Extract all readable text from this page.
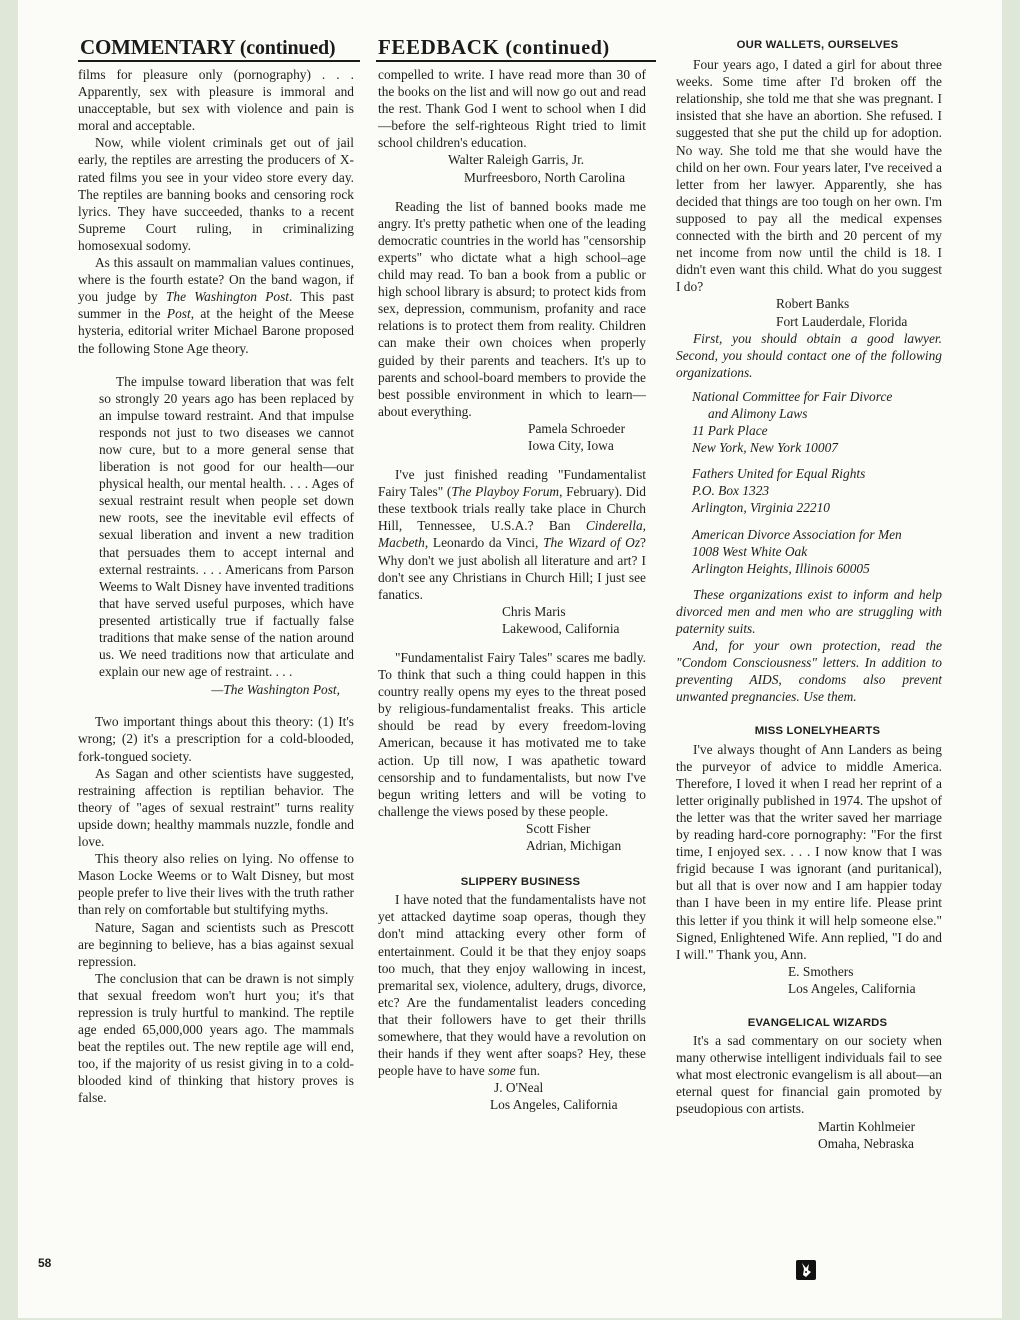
COMMENTARY (continued) FEEDBACK (continued)

films for pleasure only (pornography) . . . Apparently, sex with pleasure is immoral and unacceptable, but sex with violence and pain is moral and acceptable.

Now, while violent criminals get out of jail early, the reptiles are arresting the producers of X-rated films you see in your video store every day. The reptiles are banning books and censoring rock lyrics. They have succeeded, thanks to a recent Supreme Court ruling, in criminalizing homosexual sodomy.

As this assault on mammalian values continues, where is the fourth estate? On the band wagon, if you judge by The Washington Post. This past summer in the Post, at the height of the Meese hysteria, editorial writer Michael Barone proposed the following Stone Age theory.

The impulse toward liberation that was felt so strongly 20 years ago has been replaced by an impulse toward restraint. And that impulse responds not just to two diseases we cannot now cure, but to a more general sense that liberation is not good for our health—our physical health, our mental health. . . . Ages of sexual restraint result when people set down new roots, see the inevitable evil effects of sexual liberation and invent a new tradition that persuades them to accept internal and external restraints. . . . Americans from Parson Weems to Walt Disney have invented traditions that have served useful purposes, which have presented artistically true if factually false traditions that make sense of the nation around us. We need traditions now that articulate and explain our new age of restraint. . . .

—The Washington Post,

Two important things about this theory: (1) It's wrong; (2) it's a prescription for a cold-blooded, fork-tongued society.

As Sagan and other scientists have suggested, restraining affection is reptilian behavior. The theory of "ages of sexual restraint" turns reality upside down; healthy mammals nuzzle, fondle and love.

This theory also relies on lying. No offense to Mason Locke Weems or to Walt Disney, but most people prefer to live their lives with the truth rather than rely on comfortable but stultifying myths.

Nature, Sagan and scientists such as Prescott are beginning to believe, has a bias against sexual repression.

The conclusion that can be drawn is not simply that sexual freedom won't hurt you; it's that repression is truly hurtful to mankind. The reptile age ended 65,000,000 years ago. The mammals beat the reptiles out. The new reptile age will end, too, if the majority of us resist giving in to a cold-blooded kind of thinking that history proves is false.

compelled to write. I have read more than 30 of the books on the list and will now go out and read the rest. Thank God I went to school when I did—before the self-righteous Right tried to limit school children's education.

Walter Raleigh Garris, Jr.

Murfreesboro, North Carolina

Reading the list of banned books made me angry. It's pretty pathetic when one of the leading democratic countries in the world has "censorship experts" who dictate what a high school–age child may read. To ban a book from a public or high school library is absurd; to protect kids from sex, depression, communism, profanity and race relations is to protect them from reality. Children can make their own choices when properly guided by their parents and teachers. It's up to parents and school-board members to provide the best possible environment in which to learn—about everything.

Pamela Schroeder

Iowa City, Iowa

I've just finished reading "Fundamentalist Fairy Tales" (The Playboy Forum, February). Did these textbook trials really take place in Church Hill, Tennessee, U.S.A.? Ban Cinderella, Macbeth, Leonardo da Vinci, The Wizard of Oz? Why don't we just abolish all literature and art? I don't see any Christians in Church Hill; I just see fanatics.

Chris Maris

Lakewood, California

"Fundamentalist Fairy Tales" scares me badly. To think that such a thing could happen in this country really opens my eyes to the threat posed by religious-fundamentalist freaks. This article should be read by every freedom-loving American, because it has motivated me to take action. Up till now, I was apathetic toward censorship and to fundamentalists, but now I've begun writing letters and will be voting to challenge the views posed by these people.

Scott Fisher

Adrian, Michigan

SLIPPERY BUSINESS

I have noted that the fundamentalists have not yet attacked daytime soap operas, though they don't mind attacking every other form of entertainment. Could it be that they enjoy soaps too much, that they enjoy wallowing in incest, premarital sex, violence, adultery, drugs, divorce, etc? Are the fundamentalist leaders conceding that their followers have to get their thrills somewhere, that they would have a revolution on their hands if they went after soaps? Hey, these people have to have some fun.

J. O'Neal

Los Angeles, California

OUR WALLETS, OURSELVES

Four years ago, I dated a girl for about three weeks. Some time after I'd broken off the relationship, she told me that she was pregnant. I insisted that she have an abortion. She refused. I suggested that she put the child up for adoption. No way. She told me that she would have the child on her own. Four years later, I've received a letter from her lawyer. Apparently, she has decided that things are too tough on her own. I'm supposed to pay all the medical expenses connected with the birth and 20 percent of my net income from now until the child is 18. I didn't even want this child. What do you suggest I do?

Robert Banks

Fort Lauderdale, Florida

First, you should obtain a good lawyer. Second, you should contact one of the following organizations.

National Committee for Fair Divorce
and Alimony Laws
11 Park Place
New York, New York 10007
Fathers United for Equal Rights
P.O. Box 1323
Arlington, Virginia 22210
American Divorce Association for Men
1008 West White Oak
Arlington Heights, Illinois 60005

These organizations exist to inform and help divorced men and men who are struggling with paternity suits.

And, for your own protection, read the "Condom Consciousness" letters. In addition to preventing AIDS, condoms also prevent unwanted pregnancies. Use them.

MISS LONELYHEARTS

I've always thought of Ann Landers as being the purveyor of advice to middle America. Therefore, I loved it when I read her reprint of a letter originally published in 1974. The upshot of the letter was that the writer saved her marriage by reading hard-core pornography: "For the first time, I enjoyed sex. . . . I now know that I was frigid because I was ignorant (and puritanical), but all that is over now and I am happier today than I have been in my entire life. Please print this letter if you think it will help someone else." Signed, Enlightened Wife. Ann replied, "I do and I will." Thank you, Ann.

E. Smothers

Los Angeles, California

EVANGELICAL WIZARDS

It's a sad commentary on our society when many otherwise intelligent individuals fail to see what most electronic evangelism is all about—an eternal quest for financial gain promoted by pseudopious con artists.

Martin Kohlmeier

Omaha, Nebraska

58
